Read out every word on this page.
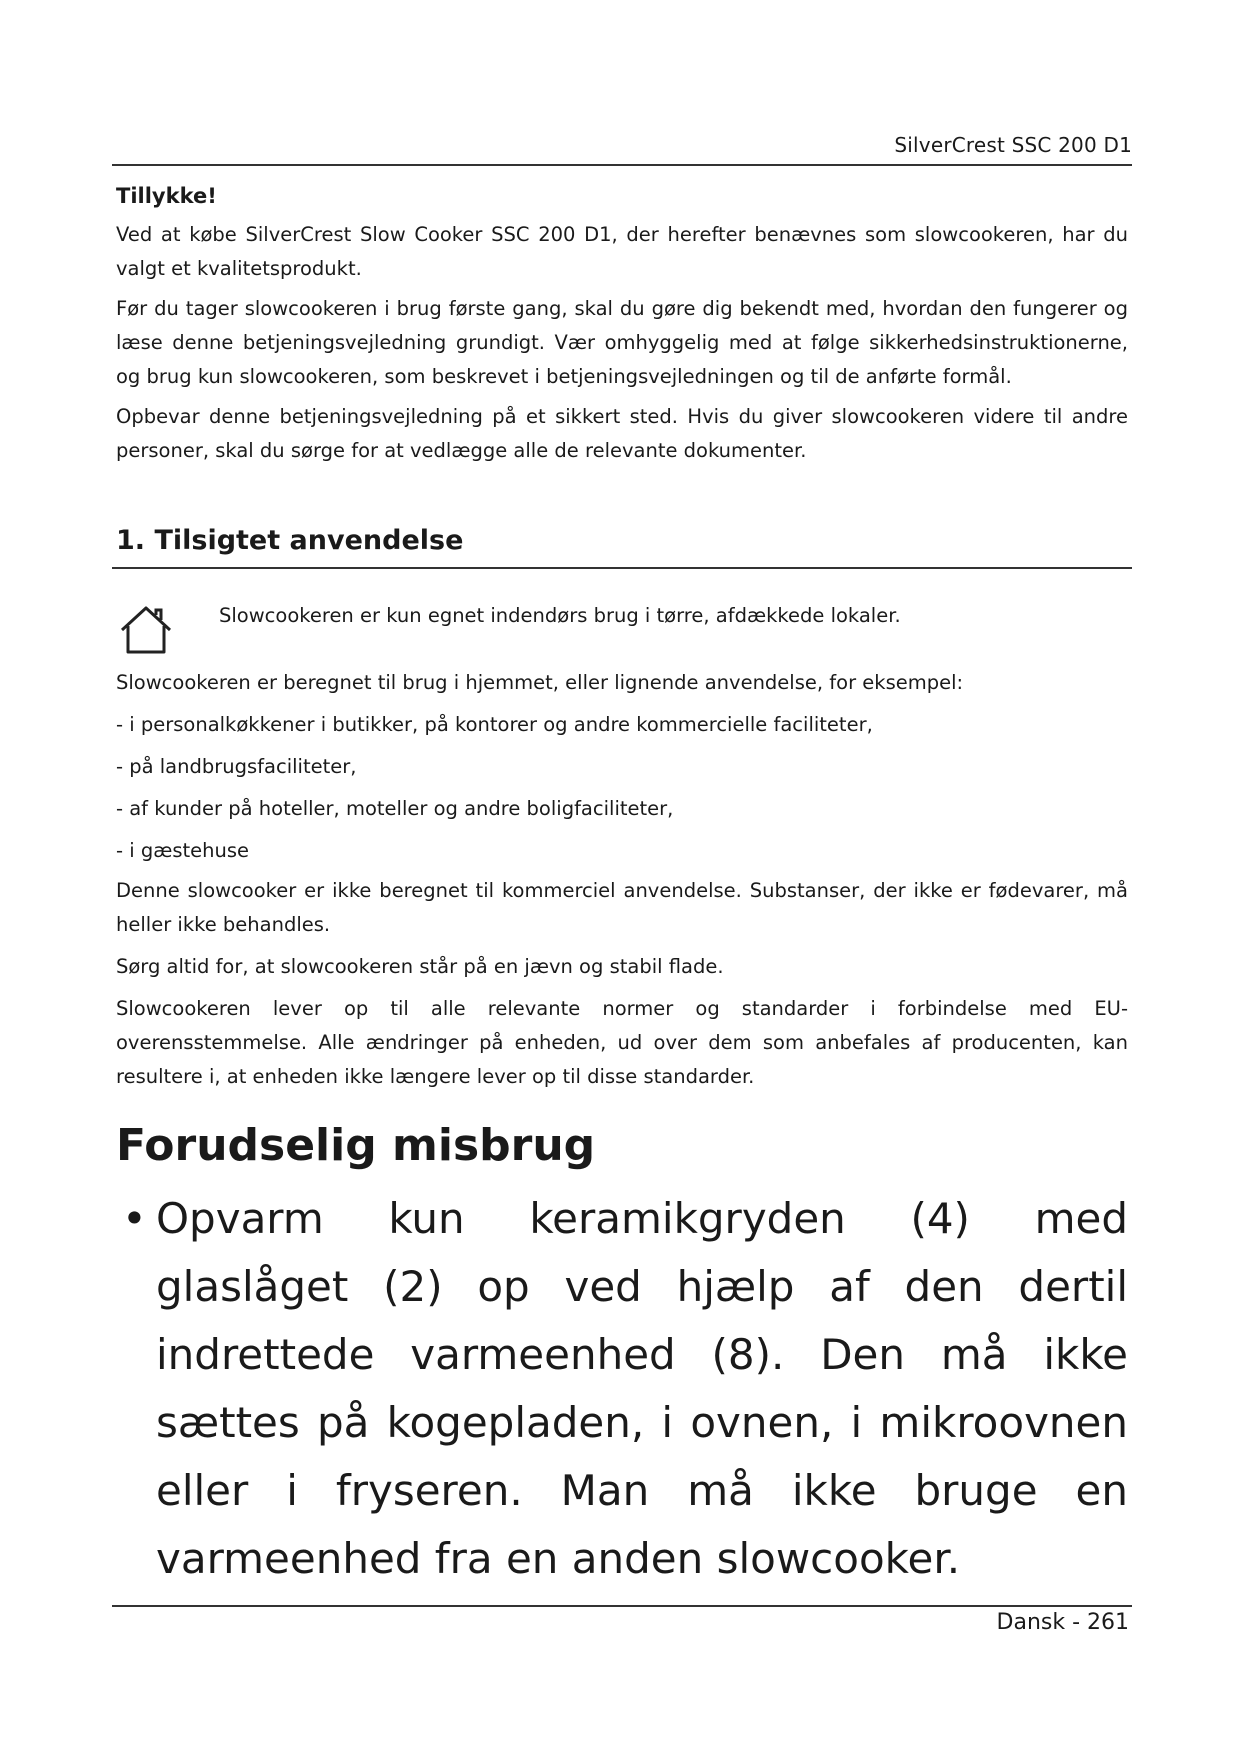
SilverCrest SSC 200 D1
Tillykke!

Ved at købe SilverCrest Slow Cooker SSC 200 D1, der herefter benævnes som slowcookeren, har du valgt et kvalitetsprodukt.

Før du tager slowcookeren i brug første gang, skal du gøre dig bekendt med, hvordan den fungerer og læse denne betjeningsvejledning grundigt. Vær omhyggelig med at følge sikkerhedsinstruktionerne, og brug kun slowcookeren, som beskrevet i betjeningsvejledningen og til de anførte formål.

Opbevar denne betjeningsvejledning på et sikkert sted. Hvis du giver slowcookeren videre til andre personer, skal du sørge for at vedlægge alle de relevante dokumenter.

1. Tilsigtet anvendelse
Slowcookeren er kun egnet indendørs brug i tørre, afdækkede lokaler.

Slowcookeren er beregnet til brug i hjemmet, eller lignende anvendelse, for eksempel:

- i personalkøkkener i butikker, på kontorer og andre kommercielle faciliteter,

- på landbrugsfaciliteter,

- af kunder på hoteller, moteller og andre boligfaciliteter,

- i gæstehuse

Denne slowcooker er ikke beregnet til kommerciel anvendelse. Substanser, der ikke er fødevarer, må heller ikke behandles.

Sørg altid for, at slowcookeren står på en jævn og stabil flade.

Slowcookeren lever op til alle relevante normer og standarder i forbindelse med EU-overensstemmelse. Alle ændringer på enheden, ud over dem som anbefales af producenten, kan resultere i, at enheden ikke længere lever op til disse standarder.

Forudselig misbrug

• Opvarm kun keramikgryden (4) med glaslåget (2) op ved hjælp af den dertil indrettede varmeenhed (8). Den må ikke sættes på kogepladen, i ovnen, i mikroovnen eller i fryseren. Man må ikke bruge en varmeenhed fra en anden slowcooker.

Dansk - 261
